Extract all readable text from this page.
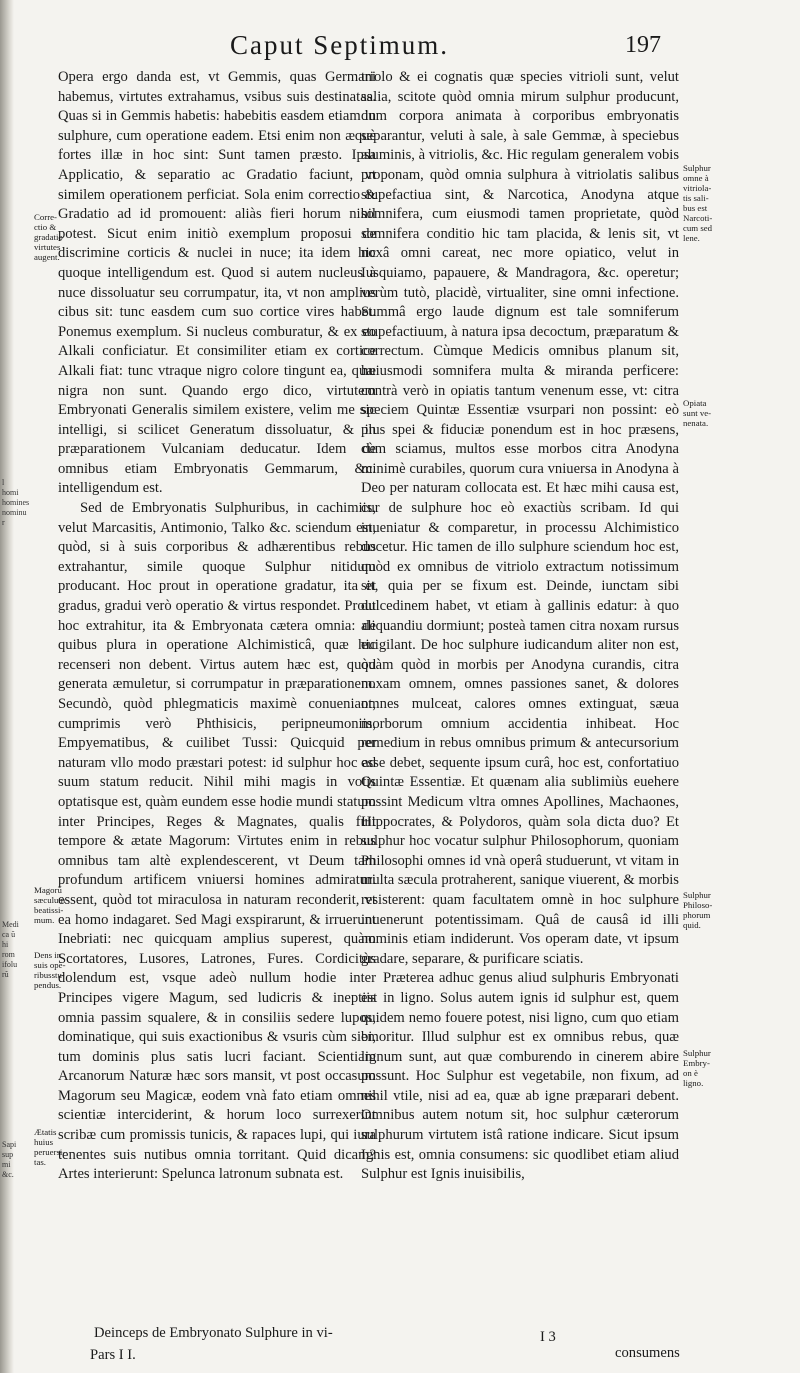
Caput Septimum.	197

Opera ergo danda est, vt Gemmis, quas Germani habemus, virtutes extrahamus, vsibus suis destinatas. Quas si in Gemmis habetis: habebitis easdem etiam in sulphure, cum operatione eadem. Etsi enim non æquè fortes illæ in hoc sint: Sunt tamen præsto. Ipsa Applicatio, & separatio ac Gradatio faciunt, vt similem operationem perficiat. Sola enim correctio & Gradatio ad id promouent: aliàs fieri horum nihil potest. Sicut enim initiò exemplum proposui de discrimine corticis & nuclei in nuce; ita idem hic quoque intelligendum est. Quod si autem nucleus à nuce dissoluatur seu corrumpatur, ita, vt non amplius cibus sit: tunc easdem cum suo cortice vires habet. Ponemus exemplum. Si nucleus comburatur, & ex eo Alkali conficiatur. Et consimiliter etiam ex cortice Alkali fiat: tunc vtraque nigro colore tingunt ea, quæ nigra non sunt. Quando ergo dico, virtutem Embryonati Generalis similem existere, velim me sic intelligi, si scilicet Generatum dissoluatur, & in præparationem Vulcaniam deducatur. Idem de omnibus etiam Embryonatis Gemmarum, &c. intelligendum est.

Sed de Embryonatis Sulphuribus, in cachimiis, velut Marcasitis, Antimonio, Talko &c. sciendum est, quòd, si à suis corporibus & adhærentibus rebus extrahantur, simile quoque Sulphur nitidum producant. Hoc prout in operatione gradatur, ita et gradus, gradui verò operatio & virtus respondet. Prout hoc extrahitur, ita & Embryonata cætera omnia: de quibus plura in operatione Alchimisticâ, quæ hic recenseri non debent. Virtus autem hæc est, quòd generata æmuletur, si corrumpatur in præparationem. Secundò, quòd phlegmaticis maximè conueniant, cumprimis verò Phthisicis, peripneumoniis, Empyematibus, & cuilibet Tussi: Quicquid per naturam vllo modo præstari potest: id sulphur hoc ad suum statum reducit. Nihil mihi magis in votis optatisque est, quàm eundem esse hodie mundi statum inter Principes, Reges & Magnates, qualis fuit tempore & ætate Magorum: Virtutes enim in rebus omnibus tam altè explendescerent, vt Deum tam profundum artificem vniuersi homines admiraturi essent, quòd tot miraculosa in naturam reconderit, vt ea homo indagaret. Sed Magi exspirarunt, & irruerunt Inebriati: nec quicquam amplius superest, quàm Scortatores, Lusores, Latrones, Fures. Cordicitùs dolendum est, vsque adeò nullum hodie inter Principes vigere Magum, sed ludicris & ineptiis omnia passim squalere, & in consiliis sedere lupos, dominatique, qui suis exactionibus & vsuris cùm sibi, tum dominis plus satis lucri faciant. Scientiam Arcanorum Naturæ hæc sors mansit, vt post occasum Magorum seu Magicæ, eodem vnà fato etiam omnes scientiæ interciderint, & horum loco surrexerint scribæ cum promissis tunicis, & rapaces lupi, qui iura tenentes suis nutibus omnia torritant. Quid dicam? Artes interierunt: Spelunca latronum subnata est.

triolo & ei cognatis quæ species vitrioli sunt, velut salia, scitote quòd omnia mirum sulphur producunt, dum corpora animata à corporibus embryonatis separantur, veluti à sale, à sale Gemmæ, à speciebus aluminis, à vitriolis, &c. Hic regulam generalem vobis proponam, quòd omnia sulphura à vitriolatis salibus stupefactiua sint, & Narcotica, Anodyna atque somnifera, cum eiusmodi tamen proprietate, quòd somnifera conditio hic tam placida, & lenis sit, vt noxâ omni careat, nec more opiatico, velut in Iusquiamo, papauere, & Mandragora, &c. operetur; verùm tutò, placidè, virtualiter, sine omni infectione. Summâ ergo laude dignum est tale somniferum stupefactiuum, à natura ipsa decoctum, præparatum & correctum. Cùmque Medicis omnibus planum sit, huiusmodi somnifera multa & miranda perficere: contrà verò in opiatis tantum venenum esse, vt: citra speciem Quintæ Essentiæ vsurpari non possint: eò plus spei & fiduciæ ponendum est in hoc præsens, cùm sciamus, multos esse morbos citra Anodyna minimè curabiles, quorum cura vniuersa in Anodyna à Deo per naturam collocata est. Et hæc mihi causa est, cur de sulphure hoc eò exactiùs scribam. Id qui inueniatur & comparetur, in processu Alchimistico docetur. Hic tamen de illo sulphure sciendum hoc est, quòd ex omnibus de vitriolo extractum notissimum sit, quia per se fixum est. Deinde, iunctam sibi dulcedinem habet, vt etiam à gallinis edatur: à quo aliquandiu dormiunt; posteà tamen citra noxam rursus euigilant. De hoc sulphure iudicandum aliter non est, quàm quòd in morbis per Anodyna curandis, citra noxam omnem, omnes passiones sanet, & dolores omnes mulceat, calores omnes extinguat, sæua morborum omnium accidentia inhibeat. Hoc remedium in rebus omnibus primum & antecursorium esse debet, sequente ipsum curâ, hoc est, confortatiuo Quintæ Essentiæ. Et quænam alia sublimiùs euehere possint Medicum vltra omnes Apollines, Machaones, Hippocrates, & Polydoros, quàm sola dicta duo? Et sulphur hoc vocatur sulphur Philosophorum, quoniam Philosophi omnes id vnà operâ studuerunt, vt vitam in multa sæcula protraherent, sanique viuerent, & morbis resisterent: quam facultatem omnè in hoc sulphure inuenerunt potentissimam. Quâ de causâ id illi nominis etiam indiderunt. Vos operam date, vt ipsum gradare, separare, & purificare sciatis.

Præterea adhuc genus aliud sulphuris Embryonati est in ligno. Solus autem ignis id sulphur est, quem quidem nemo fouere potest, nisi ligno, cum quo etiam emoritur. Illud sulphur est ex omnibus rebus, quæ lignum sunt, aut quæ comburendo in cinerem abire possunt. Hoc Sulphur est vegetabile, non fixum, ad nihil vtile, nisi ad ea, quæ ab igne præparari debent. Omnibus autem notum sit, hoc sulphur cæterorum sulphurum virtutem istâ ratione indicare. Sicut ipsum Ignis est, omnia consumens: sic quodlibet etiam aliud Sulphur est Ignis inuisibilis,

Corre-
ctio &
gradatio
virtutes
augent.
Magorũ
sæculum
beatissi-
mum.
Dens in
suis ope-
ribusstu-
pendus.
Ætatis
huius
peruersi-
tas.
Sulphur
omne à
vitriola-
tis sali-
bus est
Narcoti-
cum sed
lene.
Opiata
sunt ve-
nenata.
Sulphur
Philoso-
phorum
quid.
Sulphur
Embry-
on è
ligno.
l
homi
homines
nominu
r
Medi
ca ũ
hi
rom
ifolu
rũ
Sapi
sup
mi
&c.
Deinceps de Embryonato Sulphure in vi-
Pars I I.
I 3
consumens
